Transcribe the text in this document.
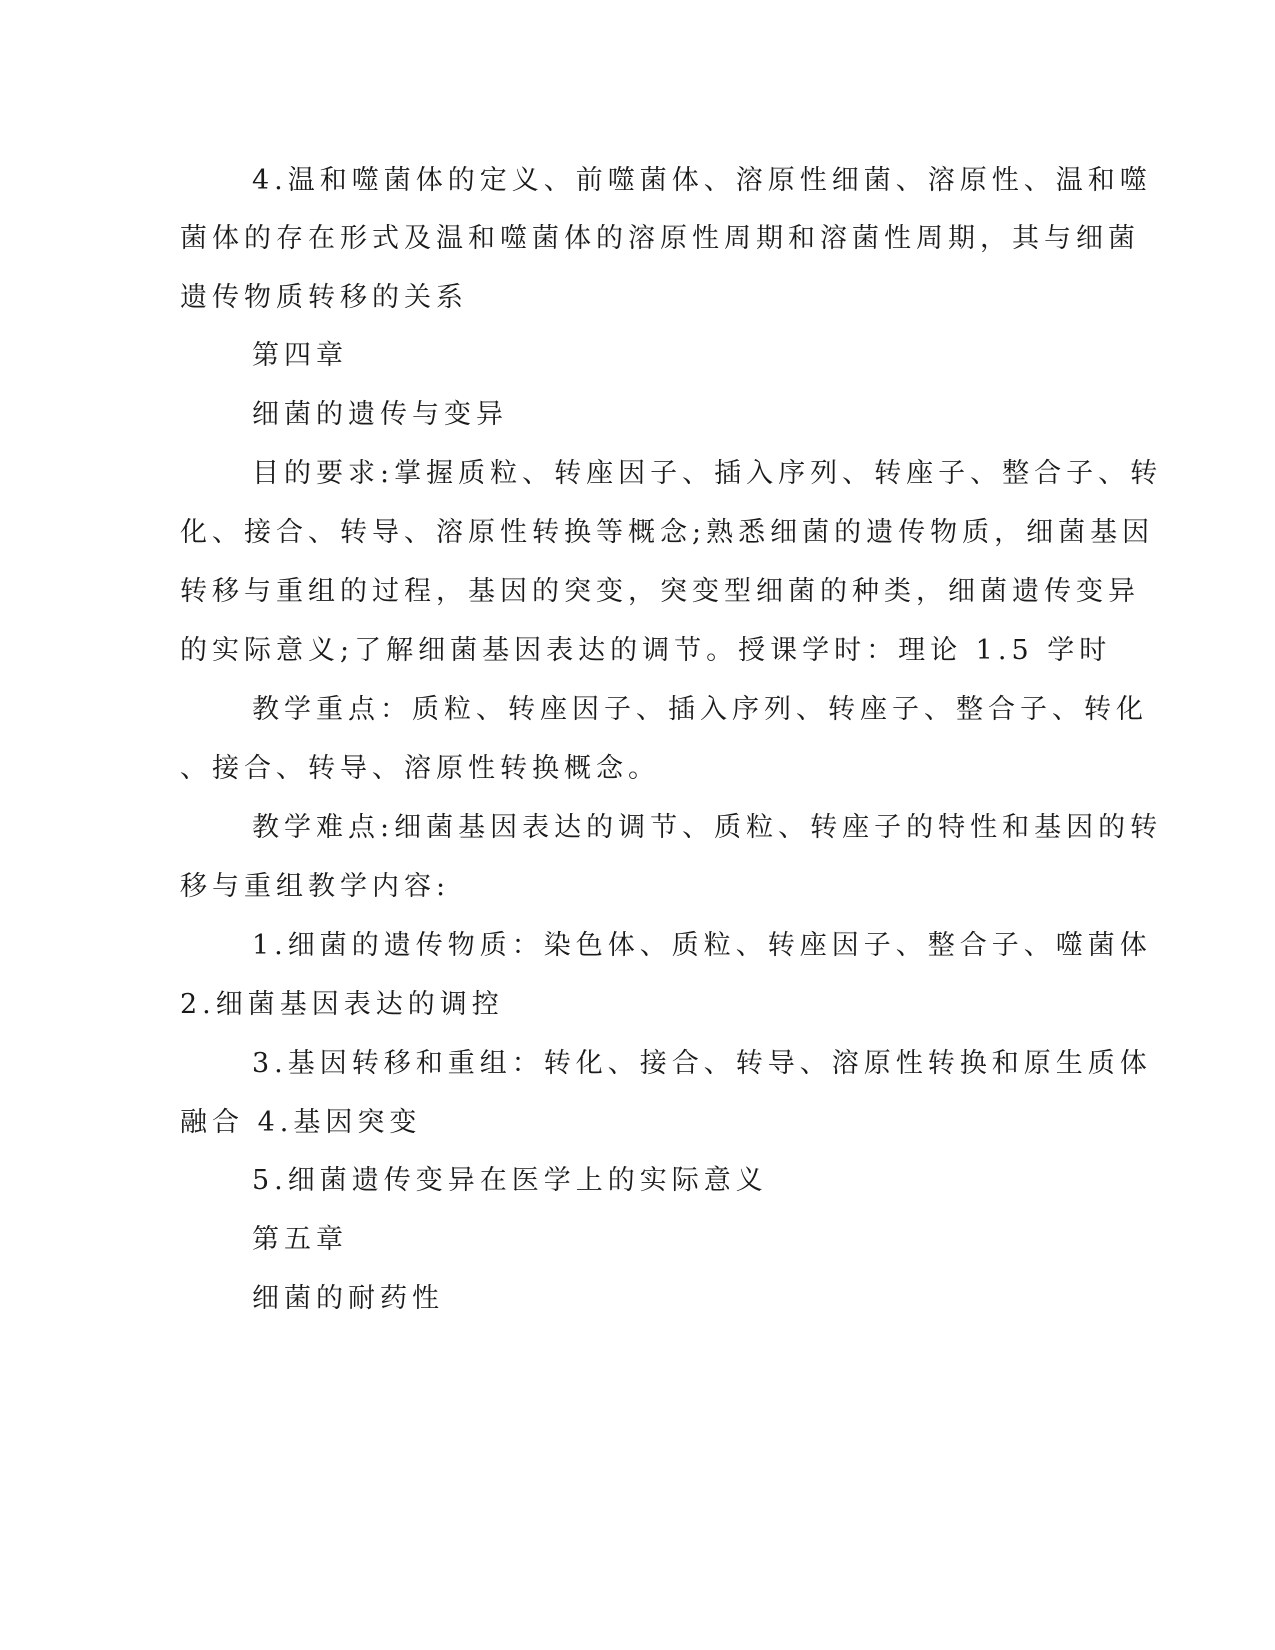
4.温和噬菌体的定义、前噬菌体、溶原性细菌、溶原性、温和噬
菌体的存在形式及温和噬菌体的溶原性周期和溶菌性周期，其与细菌
遗传物质转移的关系
第四章
细菌的遗传与变异
目的要求:掌握质粒、转座因子、插入序列、转座子、整合子、转
化、接合、转导、溶原性转换等概念;熟悉细菌的遗传物质，细菌基因
转移与重组的过程，基因的突变，突变型细菌的种类，细菌遗传变异
的实际意义;了解细菌基因表达的调节。授课学时：理论 1.5 学时
教学重点：质粒、转座因子、插入序列、转座子、整合子、转化
、接合、转导、溶原性转换概念。
教学难点:细菌基因表达的调节、质粒、转座子的特性和基因的转
移与重组教学内容:
1.细菌的遗传物质：染色体、质粒、转座因子、整合子、噬菌体
2.细菌基因表达的调控
3.基因转移和重组：转化、接合、转导、溶原性转换和原生质体
融合 4.基因突变
5.细菌遗传变异在医学上的实际意义
第五章
细菌的耐药性
